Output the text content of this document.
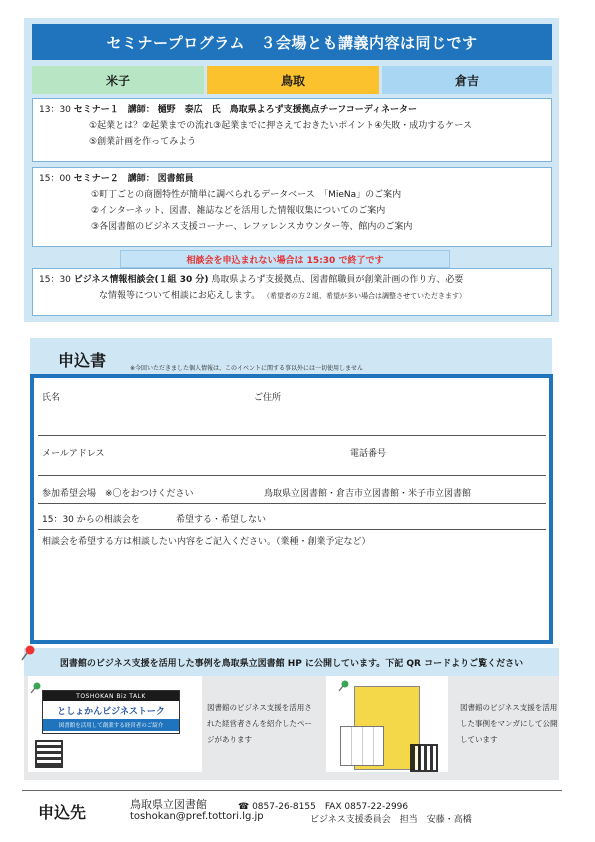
セミナープログラム　３会場とも講義内容は同じです
米子	鳥取	倉吉
13：30 セミナー１　講師： 樋野　泰広　氏　鳥取県よろず支援拠点チーフコーディネーター
①起業とは？②起業までの流れ③起業までに押さえておきたいポイント④失敗・成功するケース
⑤創業計画を作ってみよう
15：00 セミナー２　講師： 図書館員
①町丁ごとの商圏特性が簡単に調べられるデータベース　「MieNa」のご案内
②インターネット、図書、雑誌などを活用した情報収集についてのご案内
③各図書館のビジネス支援コーナー、レファレンスカウンター等、館内のご案内
相談会を申込まれない場合は 15:30 で終了です
15：30 ビジネス情報相談会(１組 30 分) 鳥取県よろず支援拠点、図書館職員が創業計画の作り方、必要
な情報等について相談にお応えします。 （希望者の方２組、希望が多い場合は調整させていただきます）
申込書	※今回いただきました個人情報は、このイベントに関する事以外には一切使用しません
氏名	ご住所
メールアドレス	電話番号
参加希望会場　※〇をおつけください	鳥取県立図書館・倉吉市立図書館・米子市立図書館
15：30 からの相談会を	希望する・希望しない
相談会を希望する方は相談したい内容をご記入ください。（業種・創業予定など）
図書館のビジネス支援を活用した事例を鳥取県立図書館 HP に公開しています。下記 QR コードよりご覧ください
TOSHOKAN Biz TALK
としょかんビジネストーク
図書館を活用して創業する経営者のご紹介
図書館のビジネス支援を活用された経営者さんを紹介したページがあります
図書館のビジネス支援を活用した事例をマンガにして公開しています
申込先	鳥取県立図書館	☎ 0857-26-8155　FAX 0857-22-2996
toshokan@pref.tottori.lg.jp	ビジネス支援委員会　担当　安藤・高橋
